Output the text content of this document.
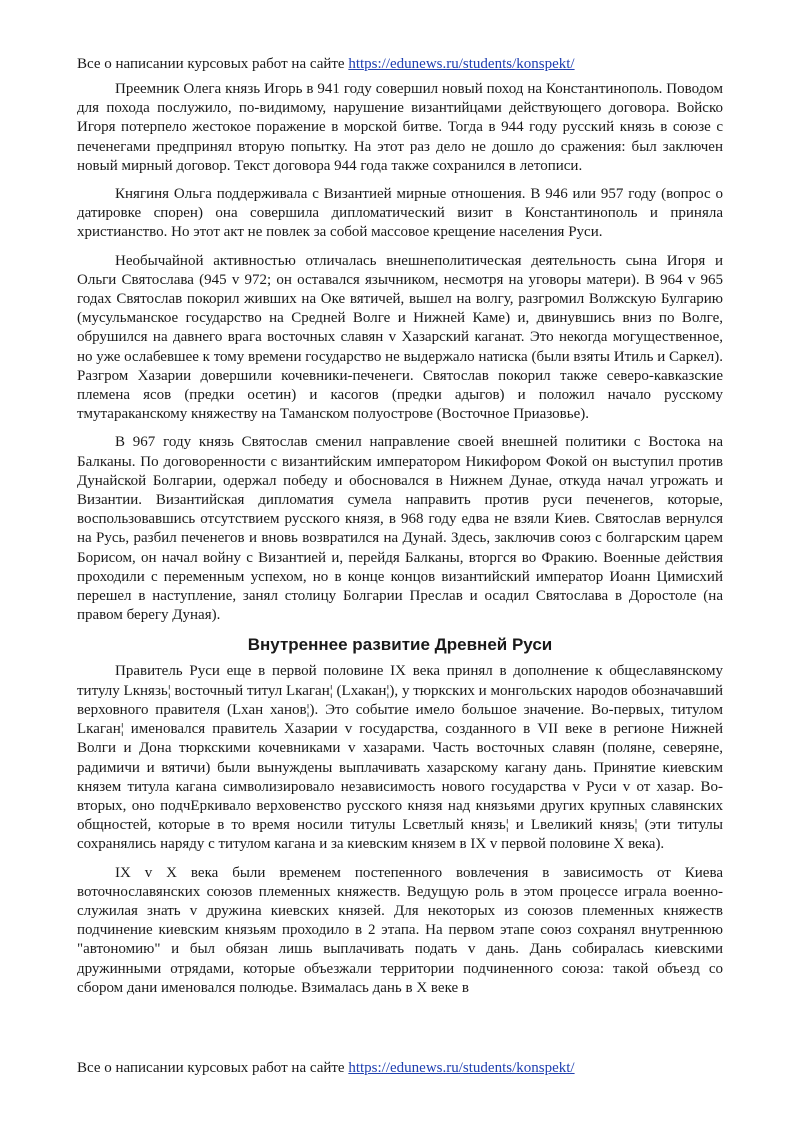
Все о написании курсовых работ на сайте https://edunews.ru/students/konspekt/

Преемник Олега князь Игорь в 941 году совершил новый поход на Константинополь. Поводом для похода послужило, по-видимому, нарушение византийцами действующего договора. Войско Игоря потерпело жестокое поражение в морской битве. Тогда в 944 году русский князь в союзе с печенегами предпринял вторую попытку. На этот раз дело не дошло до сражения: был заключен новый мирный договор. Текст договора 944 года также сохранился в летописи.

Княгиня Ольга поддерживала с Византией мирные отношения. В 946 или 957 году (вопрос о датировке спорен) она совершила дипломатический визит в Константинополь и приняла христианство. Но этот акт не повлек за собой массовое крещение населения Руси.

Необычайной активностью отличалась внешнеполитическая деятельность сына Игоря и Ольги Святослава (945 v 972; он оставался язычником, несмотря на уговоры матери). В 964 v 965 годах Святослав покорил живших на Оке вятичей, вышел на волгу, разгромил Волжскую Булгарию (мусульманское государство на Средней Волге и Нижней Каме) и, двинувшись вниз по Волге, обрушился на давнего врага восточных славян v Хазарский каганат. Это некогда могущественное, но уже ослабевшее к тому времени государство не выдержало натиска (были взяты Итиль и Саркел). Разгром Хазарии довершили кочевники-печенеги. Святослав покорил также северо-кавказские племена ясов (предки осетин) и касогов (предки адыгов) и положил начало русскому тмутараканскому княжеству на Таманском полуострове (Восточное Приазовье).

В 967 году князь Святослав сменил направление своей внешней политики с Востока на Балканы. По договоренности с византийским императором Никифором Фокой он выступил против Дунайской Болгарии, одержал победу и обосновался в Нижнем Дунае, откуда начал угрожать и Византии. Византийская дипломатия сумела направить против руси печенегов, которые, воспользовавшись отсутствием русского князя, в 968 году едва не взяли Киев. Святослав вернулся на Русь, разбил печенегов и вновь возвратился на Дунай. Здесь, заключив союз с болгарским царем Борисом, он начал войну с Византией и, перейдя Балканы, вторгся во Фракию. Военные действия проходили с переменным успехом, но в конце концов византийский император Иоанн Цимисхий перешел в наступление, занял столицу Болгарии Преслав и осадил Святослава в Доростоле (на правом берегу Дуная).

Внутреннее развитие Древней Руси

Правитель Руси еще в первой половине IX века принял в дополнение к общеславянскому титулу Lкнязь¦ восточный титул Lкаган¦ (Lхакан¦), у тюркских и монгольских народов обозначавший верховного правителя (Lхан ханов¦). Это событие имело большое значение. Во-первых, титулом Lкаган¦ именовался правитель Хазарии v государства, созданного в VII веке в регионе Нижней Волги и Дона тюркскими кочевниками v хазарами. Часть восточных славян (поляне, северяне, радимичи и вятичи) были вынуждены выплачивать хазарскому кагану дань. Принятие киевским князем титула кагана символизировало независимость нового государства v Руси v от хазар. Во-вторых, оно подчЕркивало верховенство русского князя над князьями других крупных славянских общностей, которые в то время носили титулы Lсветлый князь¦ и Lвеликий князь¦ (эти титулы сохранялись наряду с титулом кагана и за киевским князем в IX v первой половине X века).

IX v X века были временем постепенного вовлечения в зависимость от Киева воточнославянских союзов племенных княжеств. Ведущую роль в этом процессе играла военно-служилая знать v дружина киевских князей. Для некоторых из союзов племенных княжеств подчинение киевским князьям проходило в 2 этапа. На первом этапе союз сохранял внутреннюю "автономию" и был обязан лишь выплачивать подать v дань. Дань собиралась киевскими дружинными отрядами, которые объезжали территории подчиненного союза: такой объезд со сбором дани именовался полюдье. Взималась дань в X веке в

Все о написании курсовых работ на сайте https://edunews.ru/students/konspekt/
